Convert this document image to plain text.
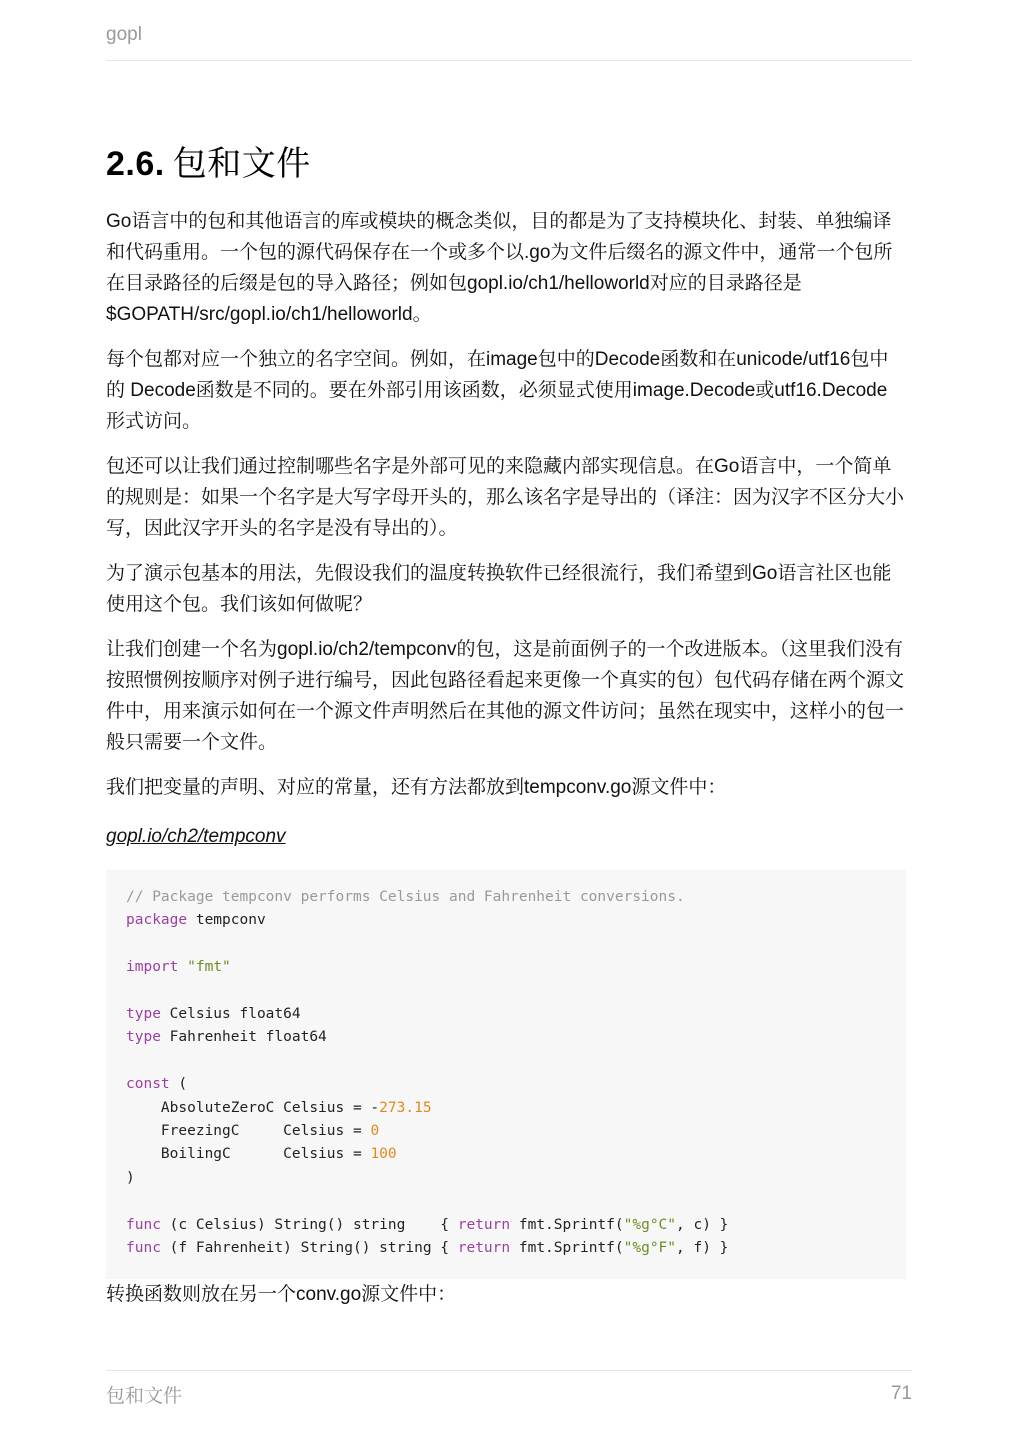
gopl
2.6. 包和文件

Go语言中的包和其他语言的库或模块的概念类似，目的都是为了支持模块化、封装、单独编译和代码重用。一个包的源代码保存在一个或多个以.go为文件后缀名的源文件中，通常一个包所在目录路径的后缀是包的导入路径；例如包gopl.io/ch1/helloworld对应的目录路径是$GOPATH/src/gopl.io/ch1/helloworld。

每个包都对应一个独立的名字空间。例如，在image包中的Decode函数和在unicode/utf16包中的 Decode函数是不同的。要在外部引用该函数，必须显式使用image.Decode或utf16.Decode形式访问。

包还可以让我们通过控制哪些名字是外部可见的来隐藏内部实现信息。在Go语言中，一个简单的规则是：如果一个名字是大写字母开头的，那么该名字是导出的（译注：因为汉字不区分大小写，因此汉字开头的名字是没有导出的）。

为了演示包基本的用法，先假设我们的温度转换软件已经很流行，我们希望到Go语言社区也能使用这个包。我们该如何做呢？

让我们创建一个名为gopl.io/ch2/tempconv的包，这是前面例子的一个改进版本。（这里我们没有按照惯例按顺序对例子进行编号，因此包路径看起来更像一个真实的包）包代码存储在两个源文件中，用来演示如何在一个源文件声明然后在其他的源文件访问；虽然在现实中，这样小的包一般只需要一个文件。

我们把变量的声明、对应的常量，还有方法都放到tempconv.go源文件中：

gopl.io/ch2/tempconv
// Package tempconv performs Celsius and Fahrenheit conversions.
package tempconv

import "fmt"

type Celsius float64
type Fahrenheit float64

const (
AbsoluteZeroC Celsius = -273.15
FreezingC     Celsius = 0
BoilingC      Celsius = 100
)

func (c Celsius) String() string    { return fmt.Sprintf("%g°C", c) }
func (f Fahrenheit) String() string { return fmt.Sprintf("%g°F", f) }

转换函数则放在另一个conv.go源文件中：

包和文件	71
